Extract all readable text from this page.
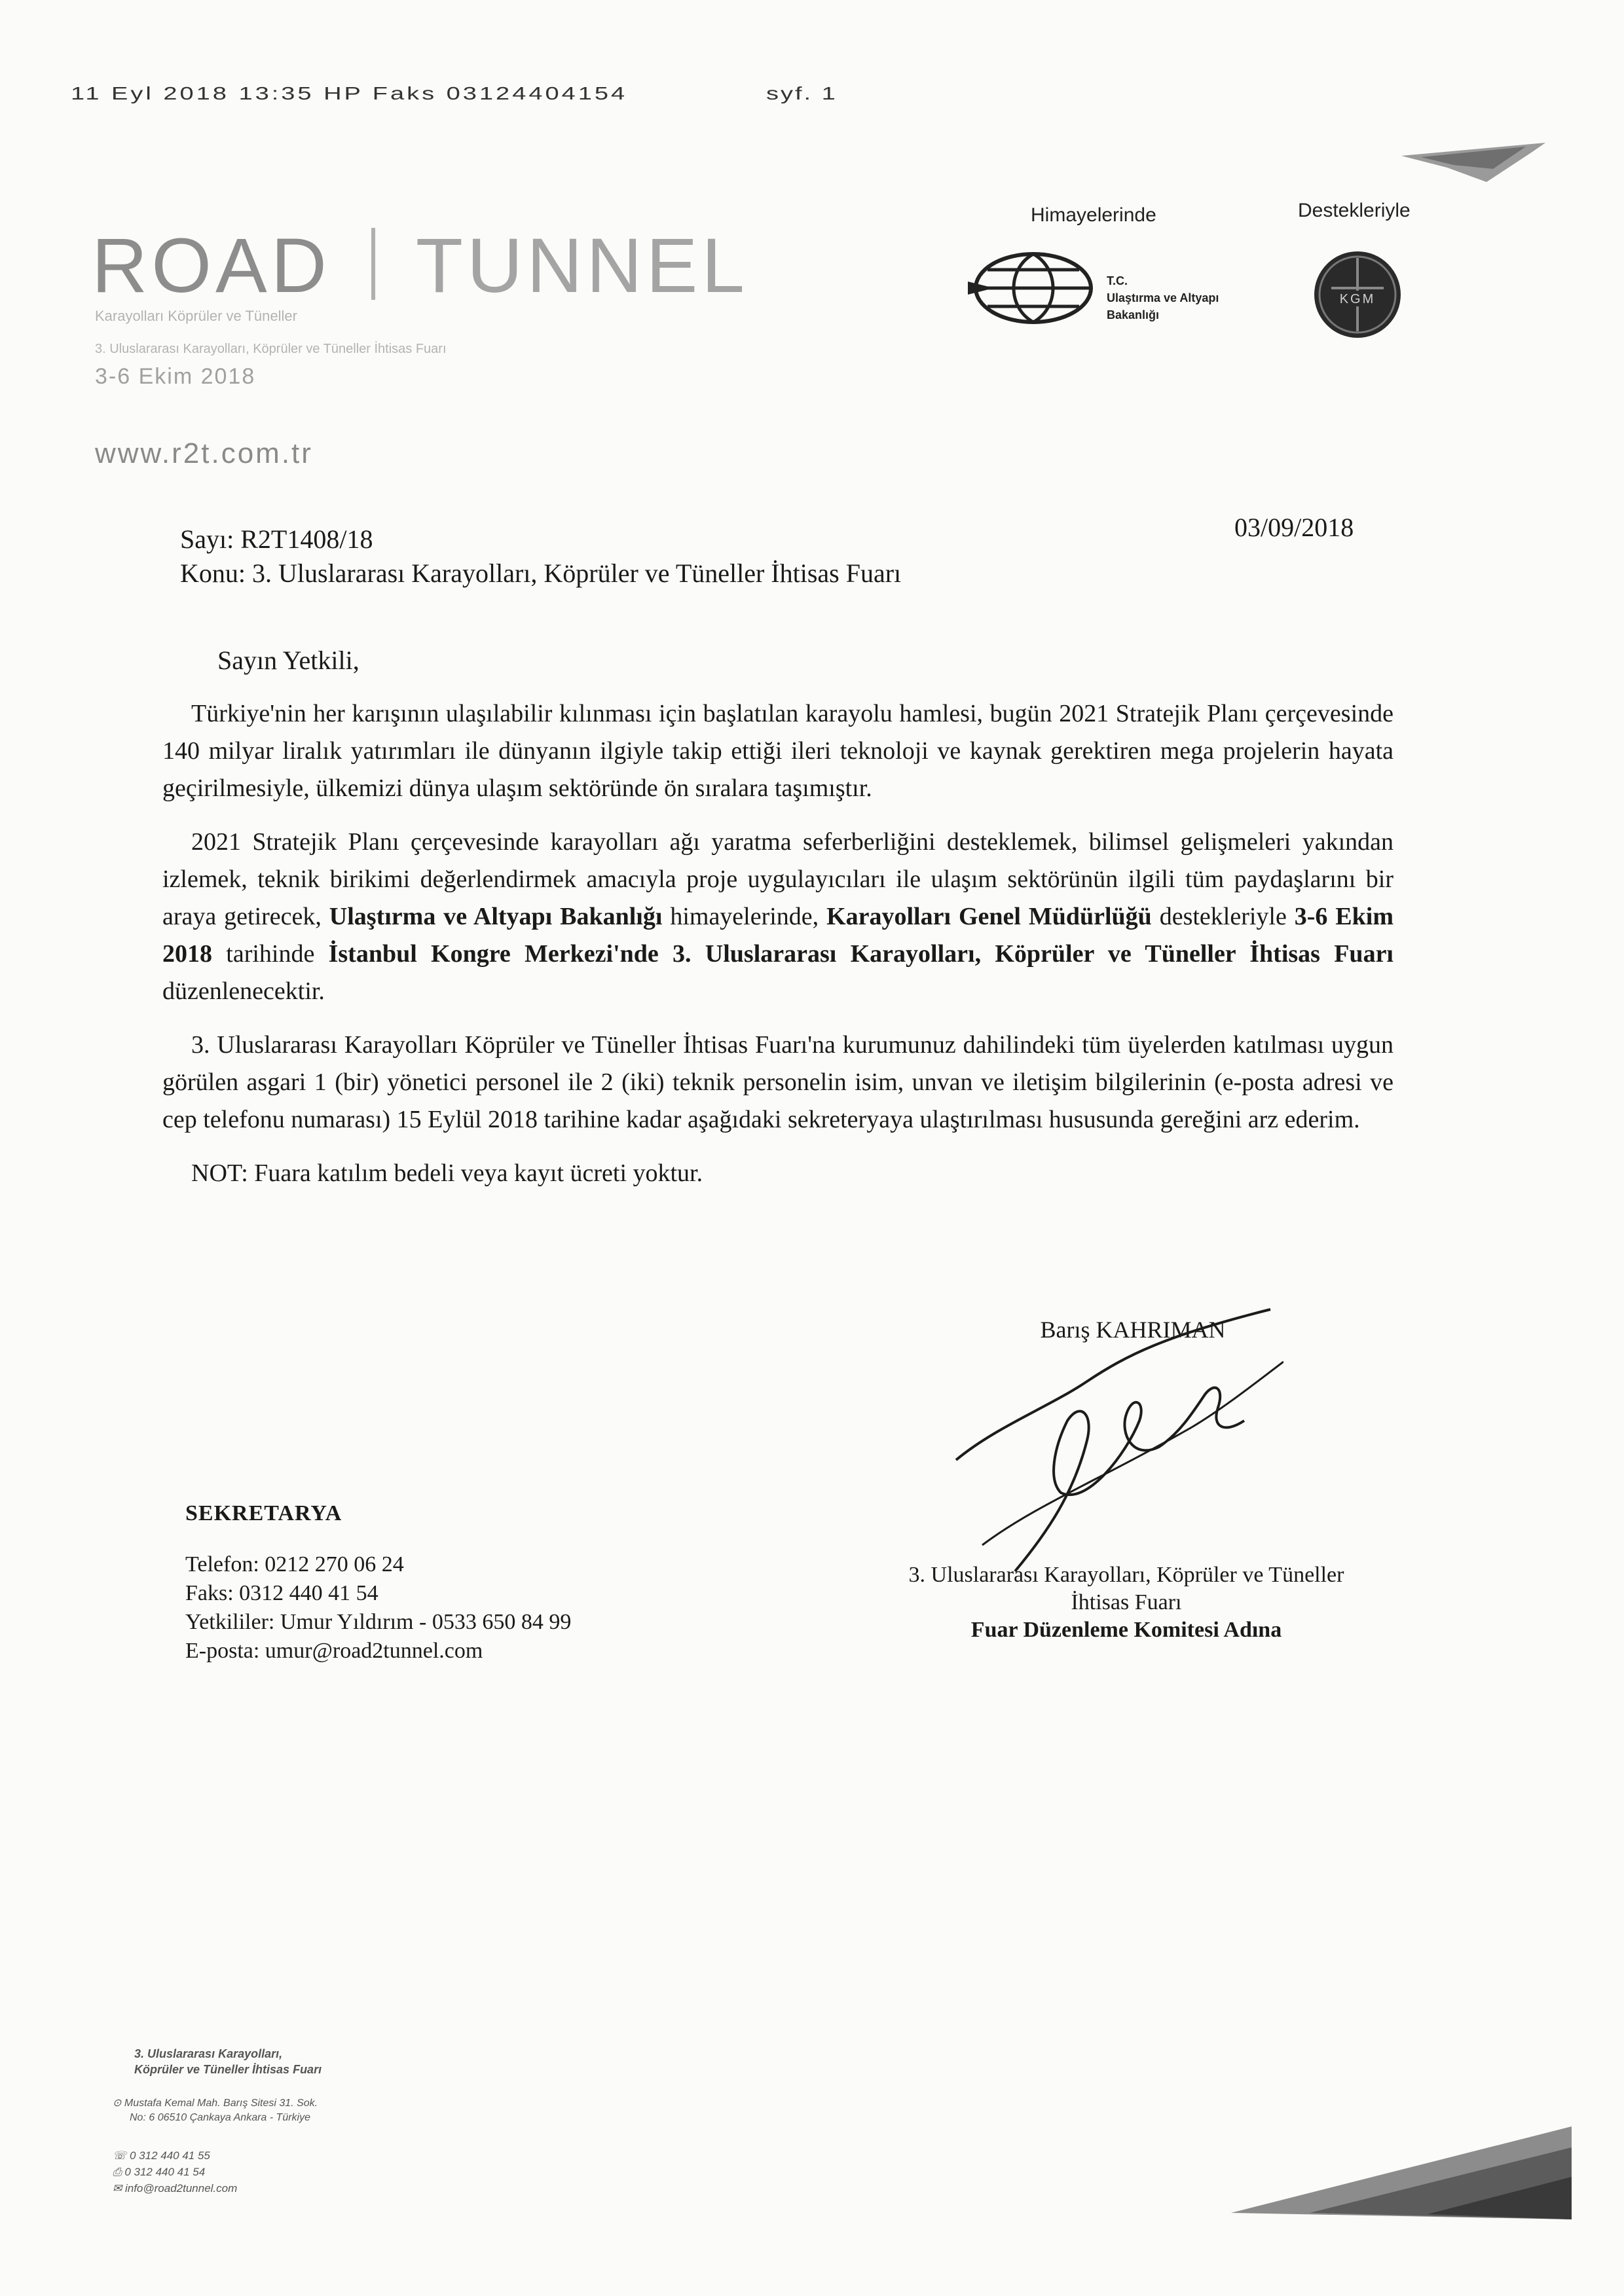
11 Eyl 2018 13:35 HP Faks 03124404154	syf. 1
ROAD TUNNEL
Karayolları Köprüler ve Tüneller
3. Uluslararası Karayolları, Köprüler ve Tüneller İhtisas Fuarı
3-6 Ekim 2018
www.r2t.com.tr
Himayelerinde	Destekleriyle
T.C.
Ulaştırma ve Altyapı
Bakanlığı
KGM
Sayı: R2T1408/18	03/09/2018
Konu: 3. Uluslararası Karayolları, Köprüler ve Tüneller İhtisas Fuarı
Sayın Yetkili,

Türkiye'nin her karışının ulaşılabilir kılınması için başlatılan karayolu hamlesi, bugün 2021 Stratejik Planı çerçevesinde 140 milyar liralık yatırımları ile dünyanın ilgiyle takip ettiği ileri teknoloji ve kaynak gerektiren mega projelerin hayata geçirilmesiyle, ülkemizi dünya ulaşım sektöründe ön sıralara taşımıştır.

2021 Stratejik Planı çerçevesinde karayolları ağı yaratma seferberliğini desteklemek, bilimsel gelişmeleri yakından izlemek, teknik birikimi değerlendirmek amacıyla proje uygulayıcıları ile ulaşım sektörünün ilgili tüm paydaşlarını bir araya getirecek, Ulaştırma ve Altyapı Bakanlığı himayelerinde, Karayolları Genel Müdürlüğü destekleriyle 3-6 Ekim 2018 tarihinde İstanbul Kongre Merkezi'nde 3. Uluslararası Karayolları, Köprüler ve Tüneller İhtisas Fuarı düzenlenecektir.

3. Uluslararası Karayolları Köprüler ve Tüneller İhtisas Fuarı'na kurumunuz dahilindeki tüm üyelerden katılması uygun görülen asgari 1 (bir) yönetici personel ile 2 (iki) teknik personelin isim, unvan ve iletişim bilgilerinin (e-posta adresi ve cep telefonu numarası) 15 Eylül 2018 tarihine kadar aşağıdaki sekreteryaya ulaştırılması hususunda gereğini arz ederim.

NOT: Fuara katılım bedeli veya kayıt ücreti yoktur.

Barış KAHRIMAN
3. Uluslararası Karayolları, Köprüler ve Tüneller
İhtisas Fuarı
Fuar Düzenleme Komitesi Adına
SEKRETARYA
Telefon: 0212 270 06 24
Faks: 0312 440 41 54
Yetkililer: Umur Yıldırım - 0533 650 84 99
E-posta: umur@road2tunnel.com
3. Uluslararası Karayolları,
Köprüler ve Tüneller İhtisas Fuarı
⊙ Mustafa Kemal Mah. Barış Sitesi 31. Sok.
No: 6 06510 Çankaya Ankara - Türkiye
☏ 0 312 440 41 55
⎙ 0 312 440 41 54
✉ info@road2tunnel.com
